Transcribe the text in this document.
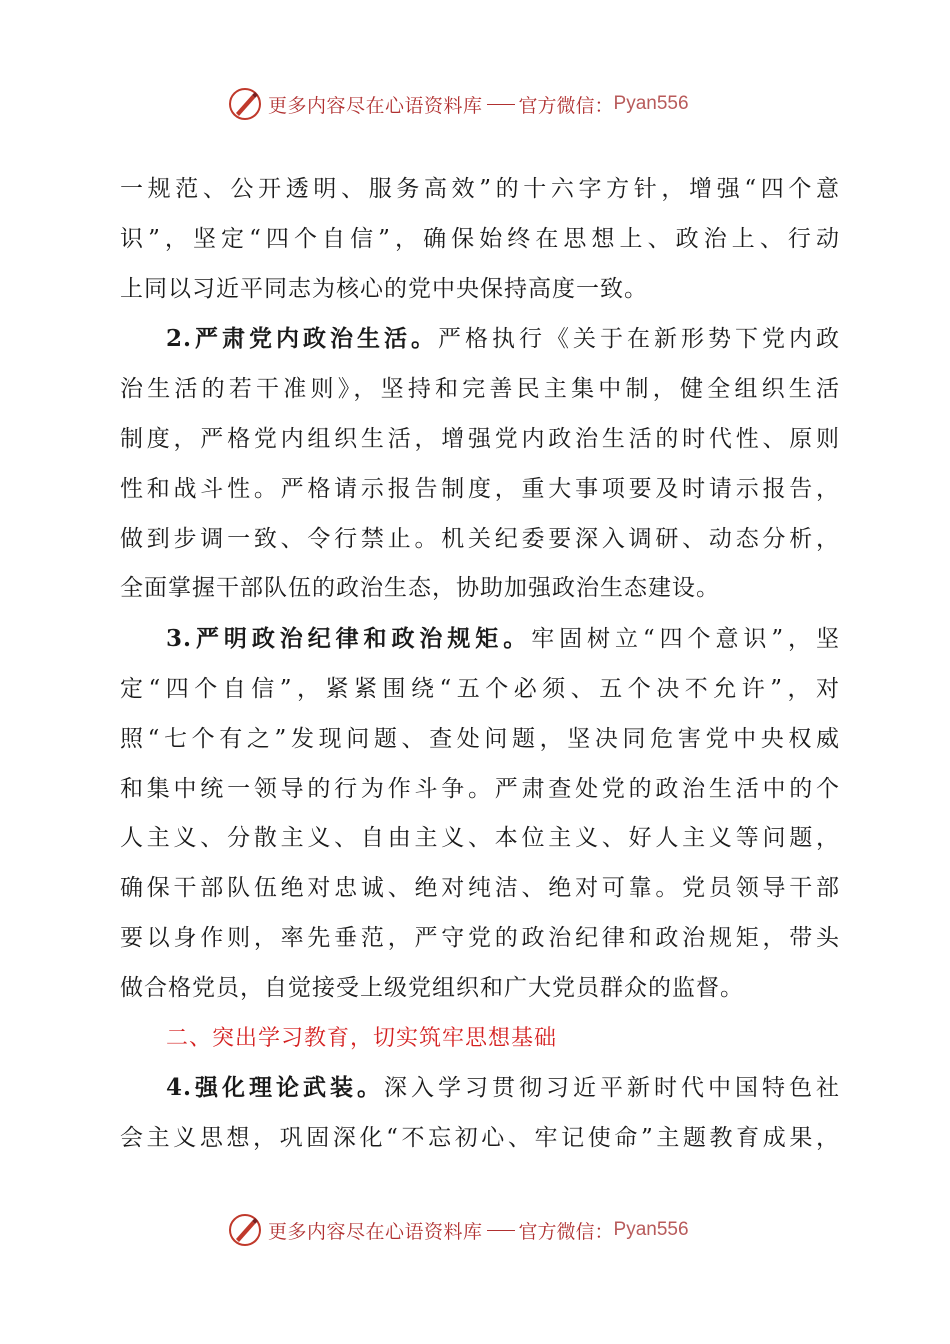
更多内容尽在心语资料库 官方微信： Pyan556

一规范、公开透明、服务高效”的十六字方针，增强“四个意

识”，坚定“四个自信”，确保始终在思想上、政治上、行动

上同以习近平同志为核心的党中央保持高度一致。

2.严肃党内政治生活。严格执行《关于在新形势下党内政

治生活的若干准则》，坚持和完善民主集中制，健全组织生活

制度，严格党内组织生活，增强党内政治生活的时代性、原则

性和战斗性。严格请示报告制度，重大事项要及时请示报告，

做到步调一致、令行禁止。机关纪委要深入调研、动态分析，

全面掌握干部队伍的政治生态，协助加强政治生态建设。

3.严明政治纪律和政治规矩。牢固树立“四个意识”，坚

定“四个自信”，紧紧围绕“五个必须、五个决不允许”，对

照“七个有之”发现问题、查处问题，坚决同危害党中央权威

和集中统一领导的行为作斗争。严肃查处党的政治生活中的个

人主义、分散主义、自由主义、本位主义、好人主义等问题，

确保干部队伍绝对忠诚、绝对纯洁、绝对可靠。党员领导干部

要以身作则，率先垂范，严守党的政治纪律和政治规矩，带头

做合格党员，自觉接受上级党组织和广大党员群众的监督。

二、突出学习教育，切实筑牢思想基础

4.强化理论武装。深入学习贯彻习近平新时代中国特色社

会主义思想，巩固深化“不忘初心、牢记使命”主题教育成果，

更多内容尽在心语资料库 官方微信： Pyan556
